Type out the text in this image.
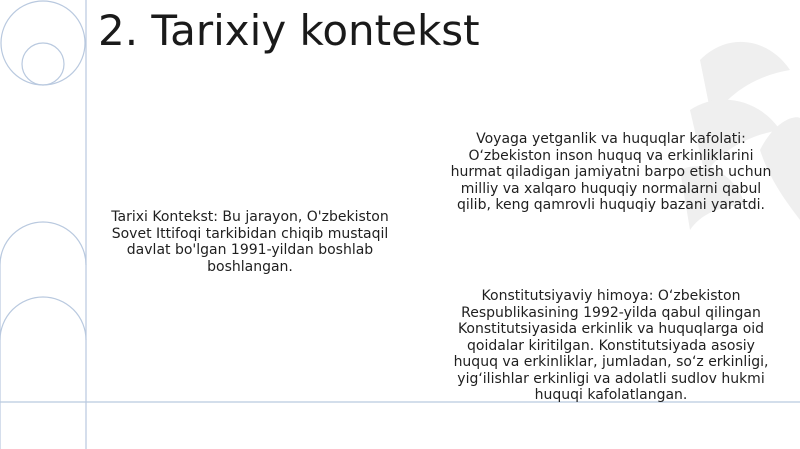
2. Tarixiy kontekst
Tarixi Kontekst: Bu jarayon, O'zbekiston Sovet Ittifoqi tarkibidan chiqib mustaqil davlat bo'lgan 1991-yildan boshlab boshlangan.
Voyaga yetganlik va huquqlar kafolati: O‘zbekiston inson huquq va erkinliklarini hurmat qiladigan jamiyatni barpo etish uchun milliy va xalqaro huquqiy normalarni qabul qilib, keng qamrovli huquqiy bazani yaratdi.
Konstitutsiyaviy himoya: O‘zbekiston Respublikasining 1992-yilda qabul qilingan Konstitutsiyasida erkinlik va huquqlarga oid qoidalar kiritilgan. Konstitutsiyada asosiy huquq va erkinliklar, jumladan, so‘z erkinligi, yig‘ilishlar erkinligi va adolatli sudlov hukmi huquqi kafolatlangan.
